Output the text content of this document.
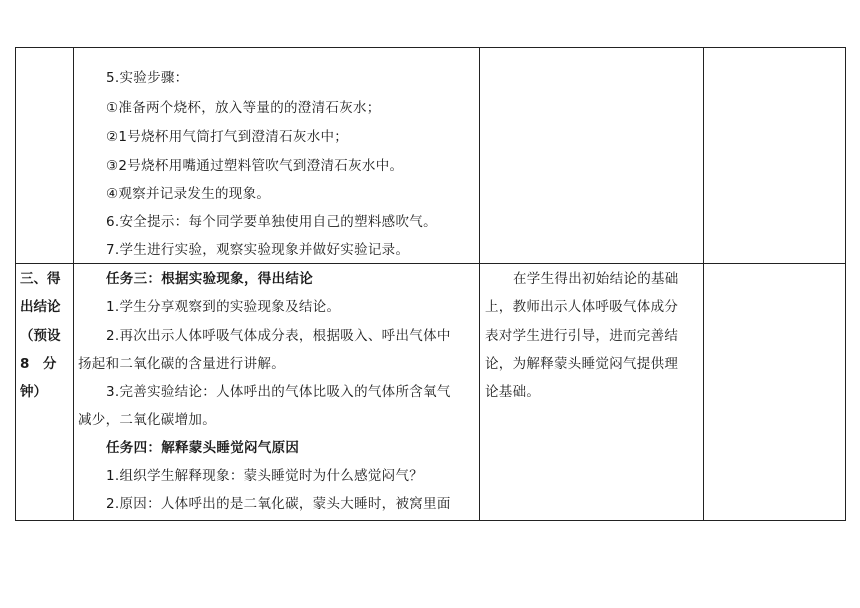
5.实验步骤：
①准备两个烧杯，放入等量的的澄清石灰水；
②1号烧杯用气筒打气到澄清石灰水中；
③2号烧杯用嘴通过塑料管吹气到澄清石灰水中。
④观察并记录发生的现象。
6.安全提示：每个同学要单独使用自己的塑料感吹气。
7.学生进行实验，观察实验现象并做好实验记录。
三、得
出结论
（预设
8　分
钟）
任务三：根据实验现象，得出结论
1.学生分享观察到的实验现象及结论。
2.再次出示人体呼吸气体成分表，根据吸入、呼出气体中
扬起和二氧化碳的含量进行讲解。
3.完善实验结论：人体呼出的气体比吸入的气体所含氧气
减少，二氧化碳增加。
任务四：解释蒙头睡觉闷气原因
1.组织学生解释现象：蒙头睡觉时为什么感觉闷气？
2.原因：人体呼出的是二氧化碳，蒙头大睡时，被窝里面
在学生得出初始结论的基础
上，教师出示人体呼吸气体成分
表对学生进行引导，进而完善结
论，为解释蒙头睡觉闷气提供理
论基础。
